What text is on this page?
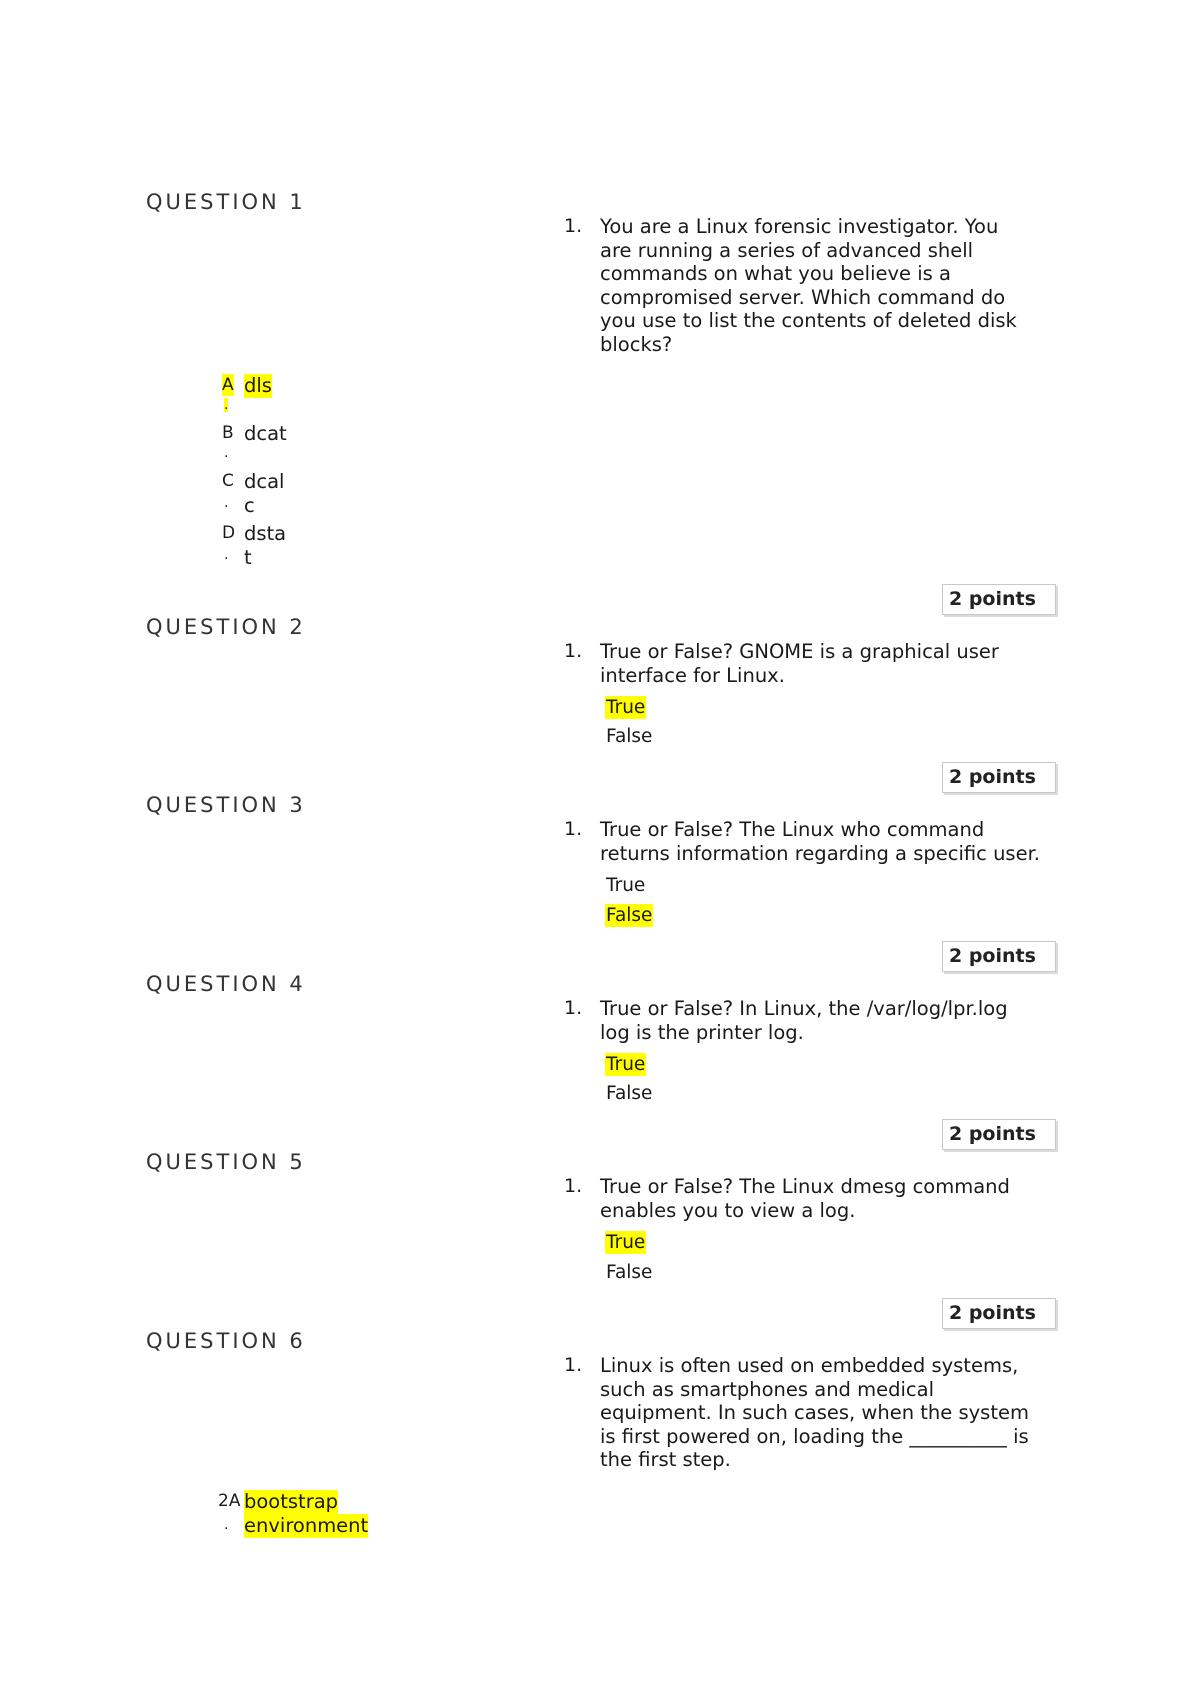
QUESTION 1
1. You are a Linux forensic investigator. You
are running a series of advanced shell
commands on what you believe is a
compromised server. Which command do
you use to list the contents of deleted disk
blocks?
A
.
dls
B
.
dcat
C
.
dcal
c
D
.
dsta
t
2 points
QUESTION 2
1. True or False? GNOME is a graphical user
interface for Linux.
True
False
2 points
QUESTION 3
1. True or False? The Linux who command
returns information regarding a specific user.
True
False
2 points
QUESTION 4
1. True or False? In Linux, the /var/log/lpr.log
log is the printer log.
True
False
2 points
QUESTION 5
1. True or False? The Linux dmesg command
enables you to view a log.
True
False
2 points
QUESTION 6
1. Linux is often used on embedded systems,
such as smartphones and medical
equipment. In such cases, when the system
is first powered on, loading the __________ is
the first step.
2A
.
bootstrap
environment
